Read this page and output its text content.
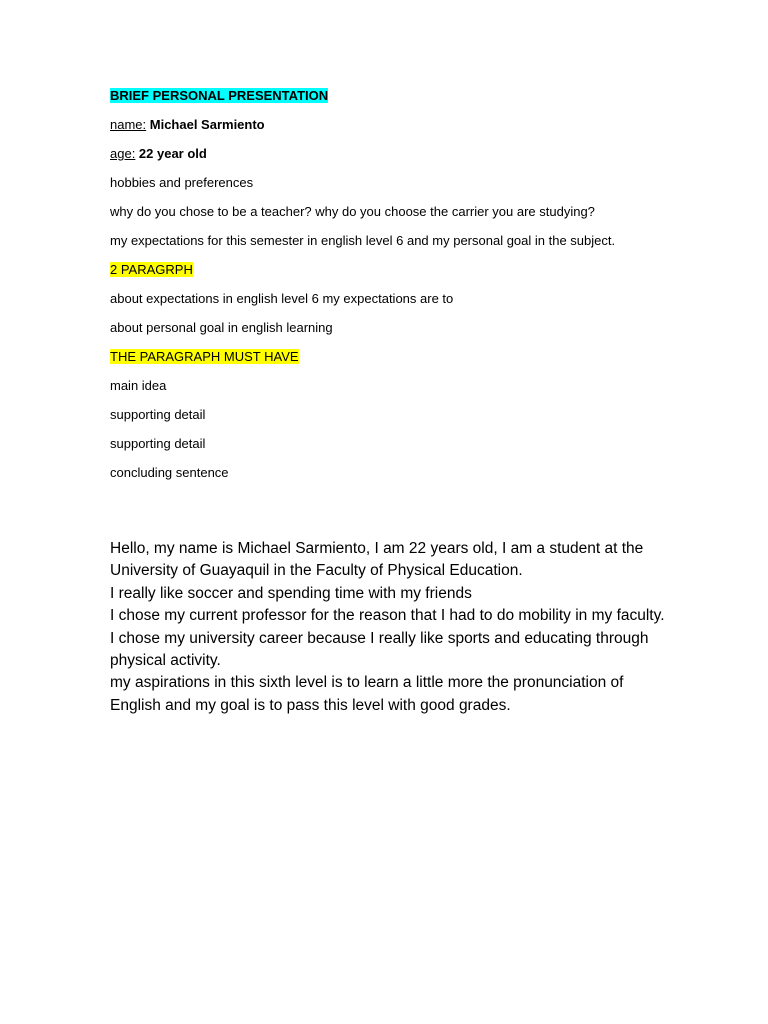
BRIEF PERSONAL PRESENTATION
name: Michael Sarmiento
age: 22 year old
hobbies and preferences
why do you chose to be a teacher? why do you choose the carrier you are studying?
my expectations for this semester in english level 6 and my personal goal in the subject.
2 PARAGRPH
about expectations in english level 6 my expectations are to
about personal goal in english learning
THE PARAGRAPH MUST HAVE
main idea
supporting detail
supporting detail
concluding sentence

Hello, my name is Michael Sarmiento, I am 22 years old, I am a student at the University of Guayaquil in the Faculty of Physical Education.

I really like soccer and spending time with my friends

I chose my current professor for the reason that I had to do mobility in my faculty. I chose my university career because I really like sports and educating through physical activity.

my aspirations in this sixth level is to learn a little more the pronunciation of English and my goal is to pass this level with good grades.
